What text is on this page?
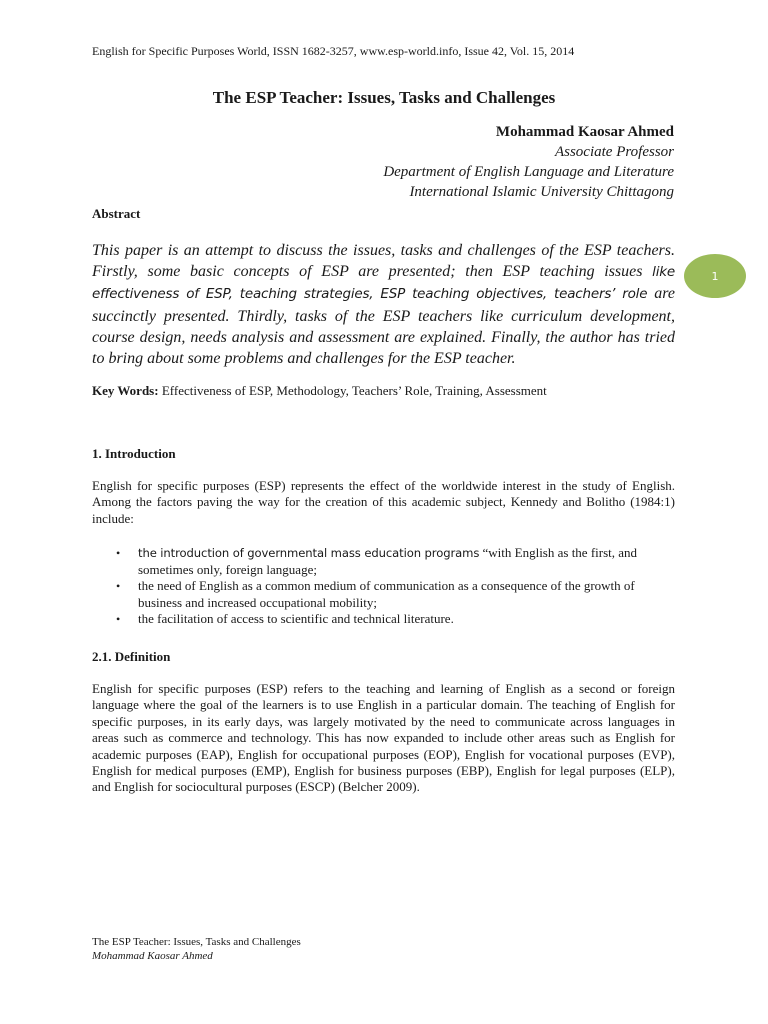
English for Specific Purposes World, ISSN 1682-3257, www.esp-world.info, Issue 42, Vol. 15, 2014
The ESP Teacher: Issues, Tasks and Challenges
Mohammad Kaosar Ahmed
Associate Professor
Department of English Language and Literature
International Islamic University Chittagong
Abstract
This paper is an attempt to discuss the issues, tasks and challenges of the ESP teachers. Firstly, some basic concepts of ESP are presented; then ESP teaching issues like effectiveness of ESP, teaching strategies, ESP teaching objectives, teachers’ role are succinctly presented. Thirdly, tasks of the ESP teachers like curriculum development, course design, needs analysis and assessment are explained. Finally, the author has tried to bring about some problems and challenges for the ESP teacher.
1
Key Words: Effectiveness of ESP, Methodology, Teachers’ Role, Training, Assessment
1. Introduction
English for specific purposes (ESP) represents the effect of the worldwide interest in the study of English. Among the factors paving the way for the creation of this academic subject, Kennedy and Bolitho (1984:1) include:
• the introduction of governmental mass education programs “with English as the first, and sometimes only, foreign language;
• the need of English as a common medium of communication as a consequence of the growth of business and increased occupational mobility;
• the facilitation of access to scientific and technical literature.
2.1. Definition
English for specific purposes (ESP) refers to the teaching and learning of English as a second or foreign language where the goal of the learners is to use English in a particular domain. The teaching of English for specific purposes, in its early days, was largely motivated by the need to communicate across languages in areas such as commerce and technology. This has now expanded to include other areas such as English for academic purposes (EAP), English for occupational purposes (EOP), English for vocational purposes (EVP), English for medical purposes (EMP), English for business purposes (EBP), English for legal purposes (ELP), and English for sociocultural purposes (ESCP) (Belcher 2009).
The ESP Teacher: Issues, Tasks and Challenges
Mohammad Kaosar Ahmed
